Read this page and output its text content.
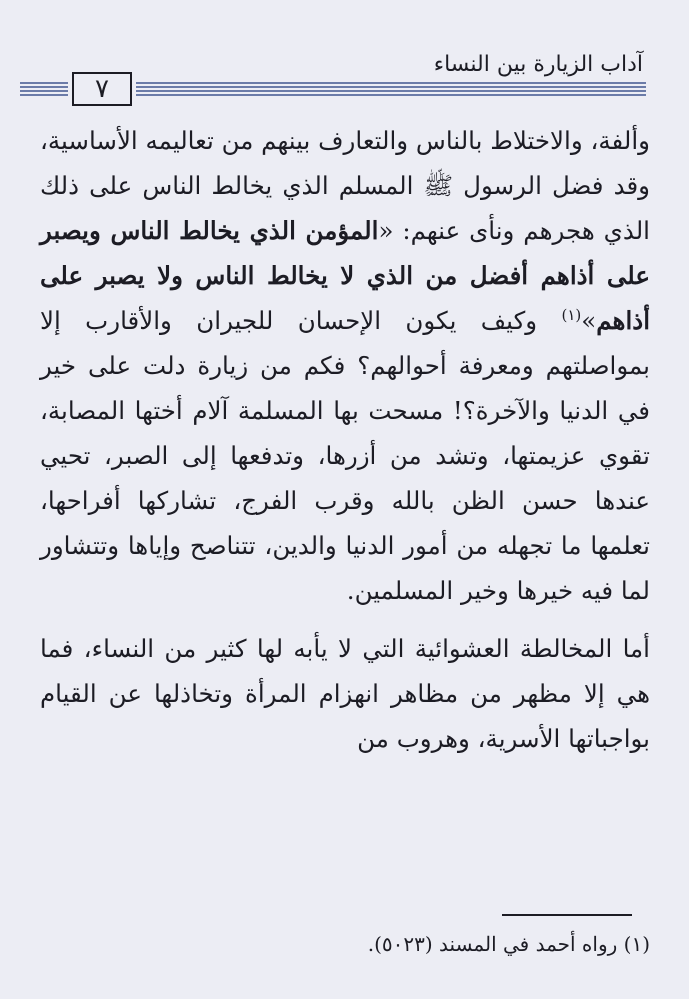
آداب الزيارة بين النساء
٧

وألفة، والاختلاط بالناس والتعارف بينهم من تعاليمه الأساسية، وقد فضل الرسول ﷺ المسلم الذي يخالط الناس على ذلك الذي هجرهم ونأى عنهم: «المؤمن الذي يخالط الناس ويصبر على أذاهم أفضل من الذي لا يخالط الناس ولا يصبر على أذاهم»$^{(١)}$ وكيف يكون الإحسان للجيران والأقارب إلا بمواصلتهم ومعرفة أحوالهم؟ فكم من زيارة دلت على خير في الدنيا والآخرة؟! مسحت بها المسلمة آلام أختها المصابة، تقوي عزيمتها، وتشد من أزرها، وتدفعها إلى الصبر، تحيي عندها حسن الظن بالله وقرب الفرج، تشاركها أفراحها، تعلمها ما تجهله من أمور الدنيا والدين، تتناصح وإياها وتتشاور لما فيه خيرها وخير المسلمين.

أما المخالطة العشوائية التي لا يأبه لها كثير من النساء، فما هي إلا مظهر من مظاهر انهزام المرأة وتخاذلها عن القيام بواجباتها الأسرية، وهروب من

(١) رواه أحمد في المسند (٥٠٢٣).
